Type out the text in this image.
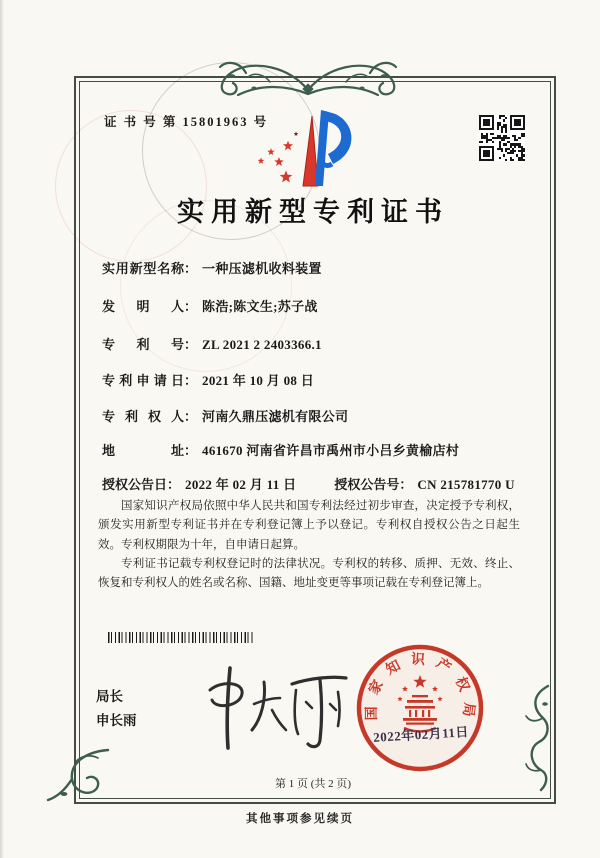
证 书 号 第 15801963 号
实用新型专利证书
实用新型名称： 一种压滤机收料装置
发明人： 陈浩;陈文生;苏子战
专利号： ZL 2021 2 2403366.1
专利申请日： 2021 年 10 月 08 日
专利权人： 河南久鼎压滤机有限公司
地址： 461670 河南省许昌市禹州市小吕乡黄榆店村
授权公告日： 2022 年 02 月 11 日	授权公告号： CN 215781770 U

国家知识产权局依照中华人民共和国专利法经过初步审查，决定授予专利权，颁发实用新型专利证书并在专利登记簿上予以登记。专利权自授权公告之日起生效。专利权期限为十年，自申请日起算。

专利证书记载专利权登记时的法律状况。专利权的转移、质押、无效、终止、恢复和专利权人的姓名或名称、国籍、地址变更等事项记载在专利登记簿上。

局长
申长雨
国家知识产权局
2022年02月11日
第 1 页 (共 2 页)
其他事项参见续页
